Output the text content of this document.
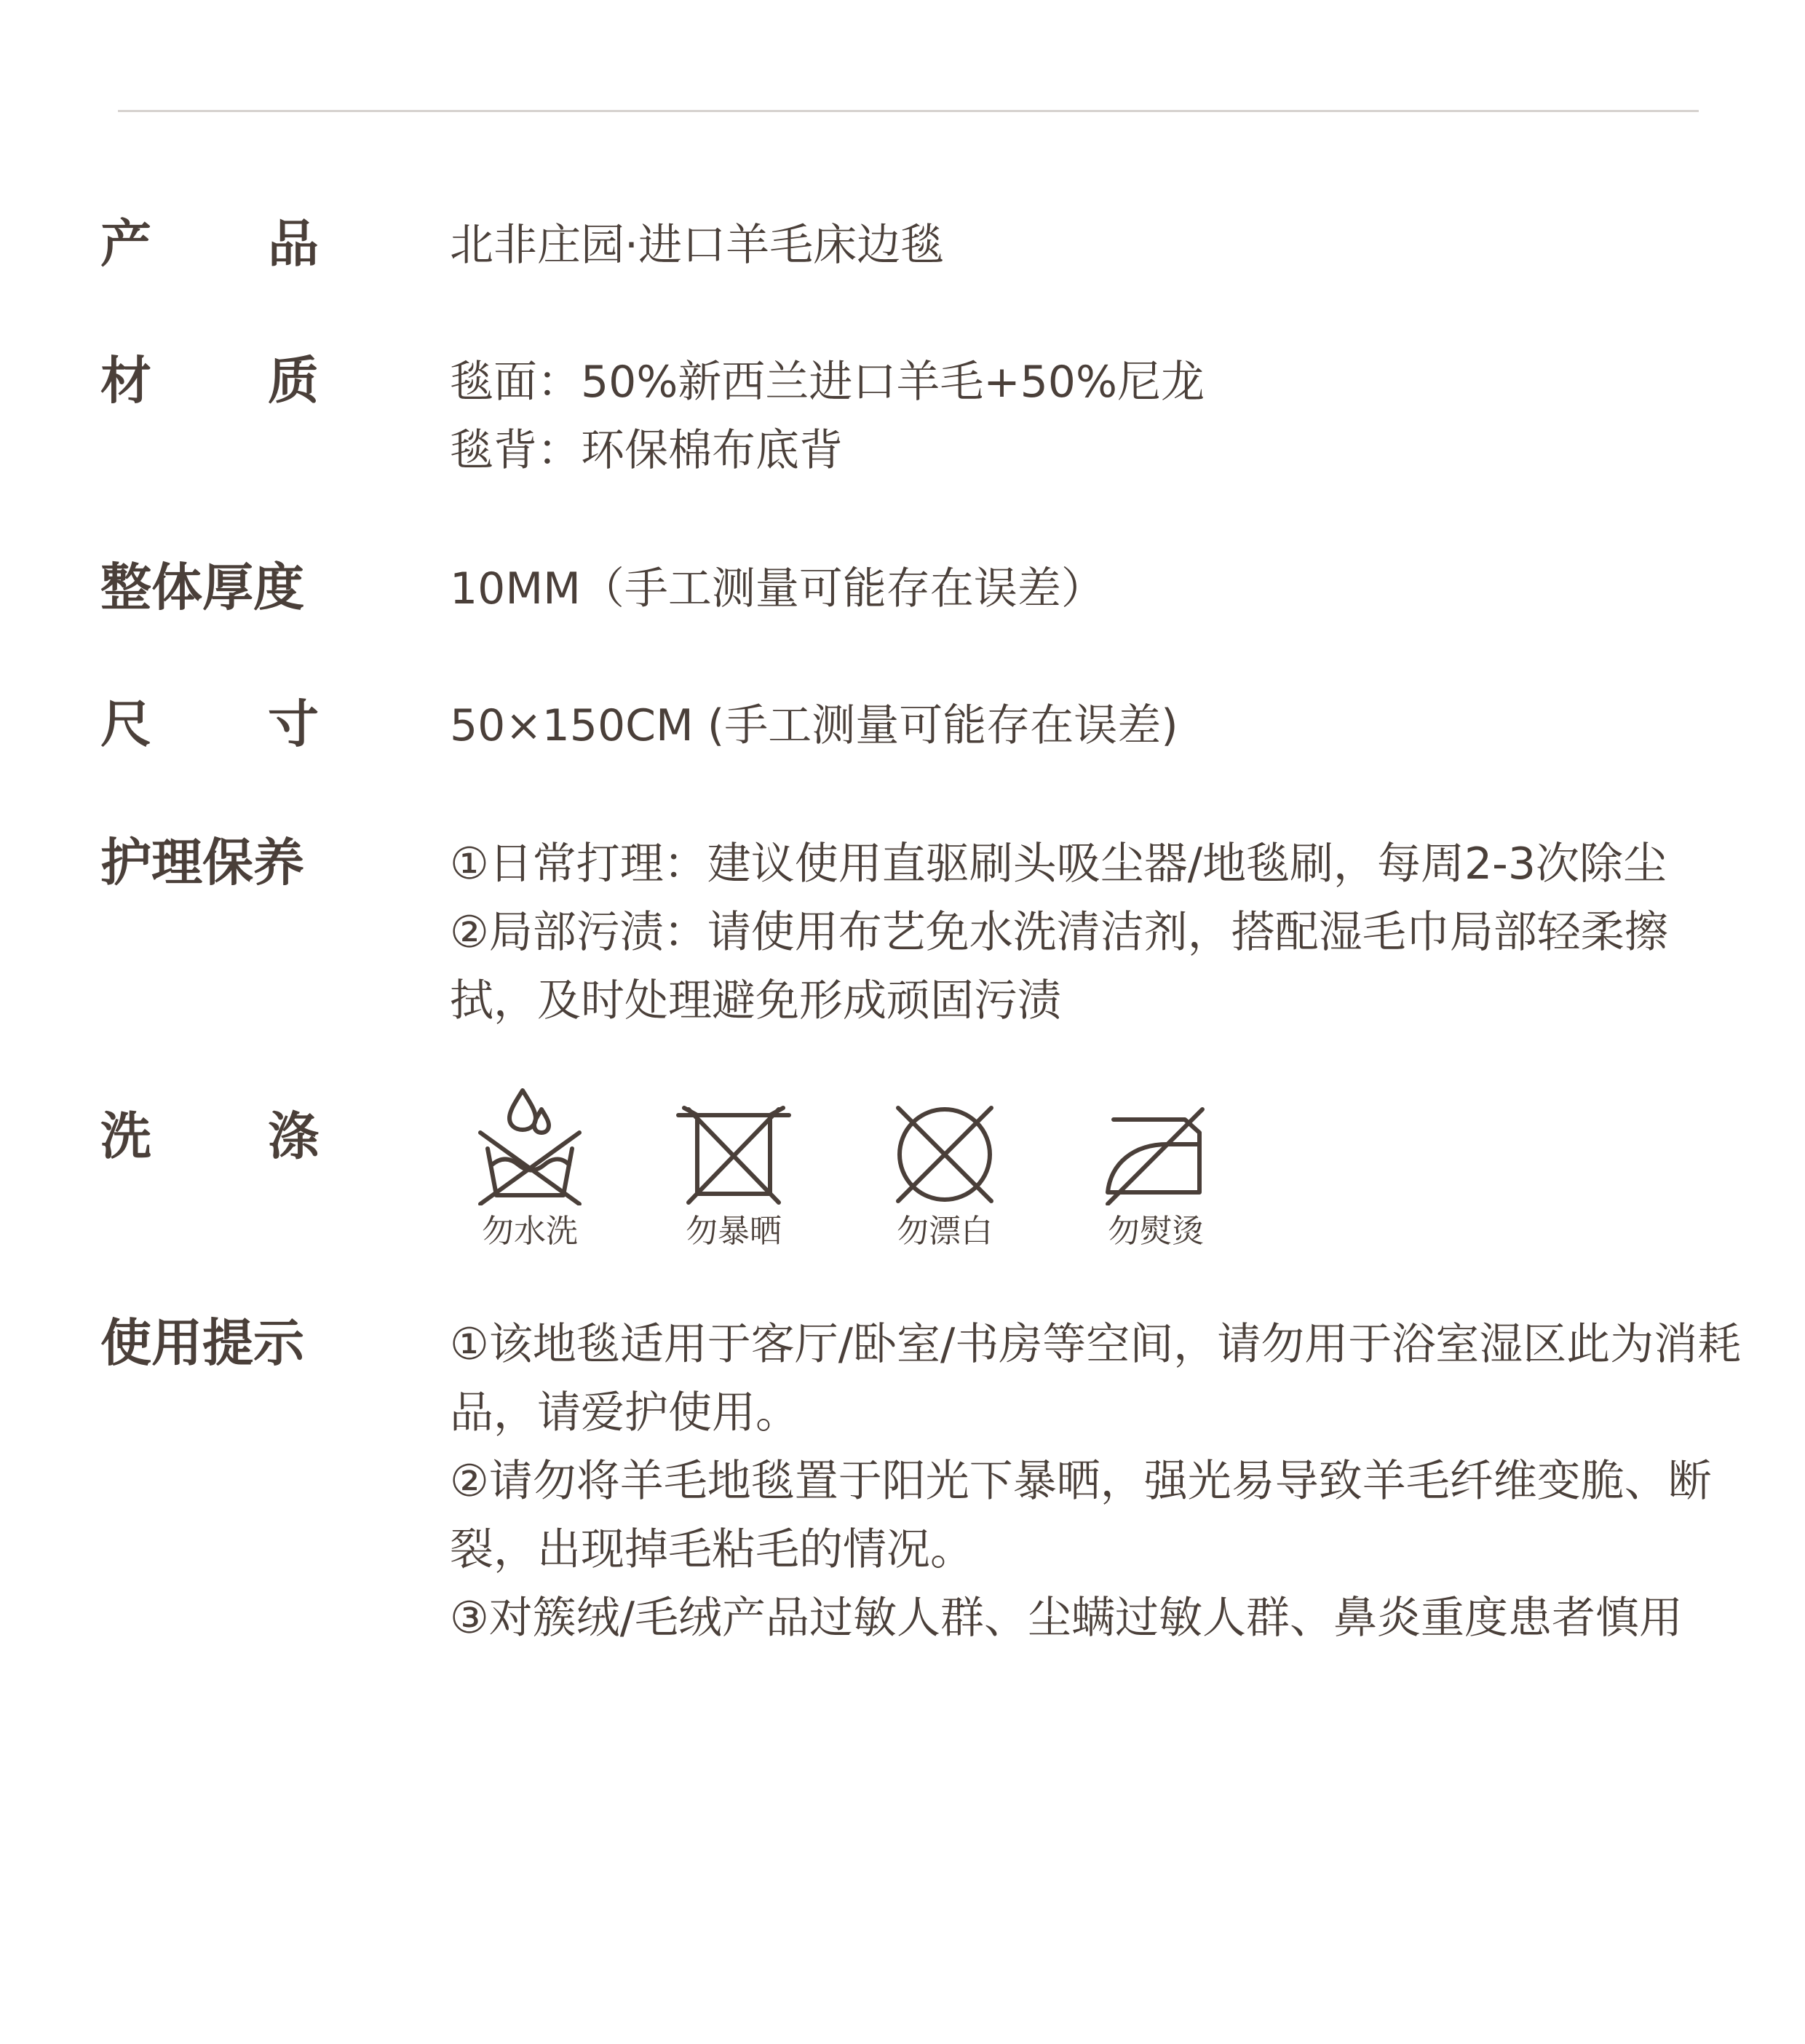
产 品	北非庄园·进口羊毛床边毯
材 质	毯面：50%新西兰进口羊毛+50%尼龙
毯背：环保棉布底背
整体厚度	10MM（手工测量可能存在误差）
尺 寸	50×150CM (手工测量可能存在误差)
护理保养	①日常打理：建议使用直驱刷头吸尘器/地毯刷，每周2-3次除尘
②局部污渍：请使用布艺免水洗清洁剂，搭配湿毛巾局部轻柔擦拭，及时处理避免形成顽固污渍
洗 涤
勿水洗	勿暴晒	勿漂白	勿熨烫
使用提示	①该地毯适用于客厅/卧室/书房等空间，请勿用于浴室湿区此为消耗品，请爱护使用。
②请勿将羊毛地毯置于阳光下暴晒，强光易导致羊毛纤维变脆、断裂，出现掉毛粘毛的情况。
③对簇绒/毛绒产品过敏人群、尘螨过敏人群、鼻炎重度患者慎用
